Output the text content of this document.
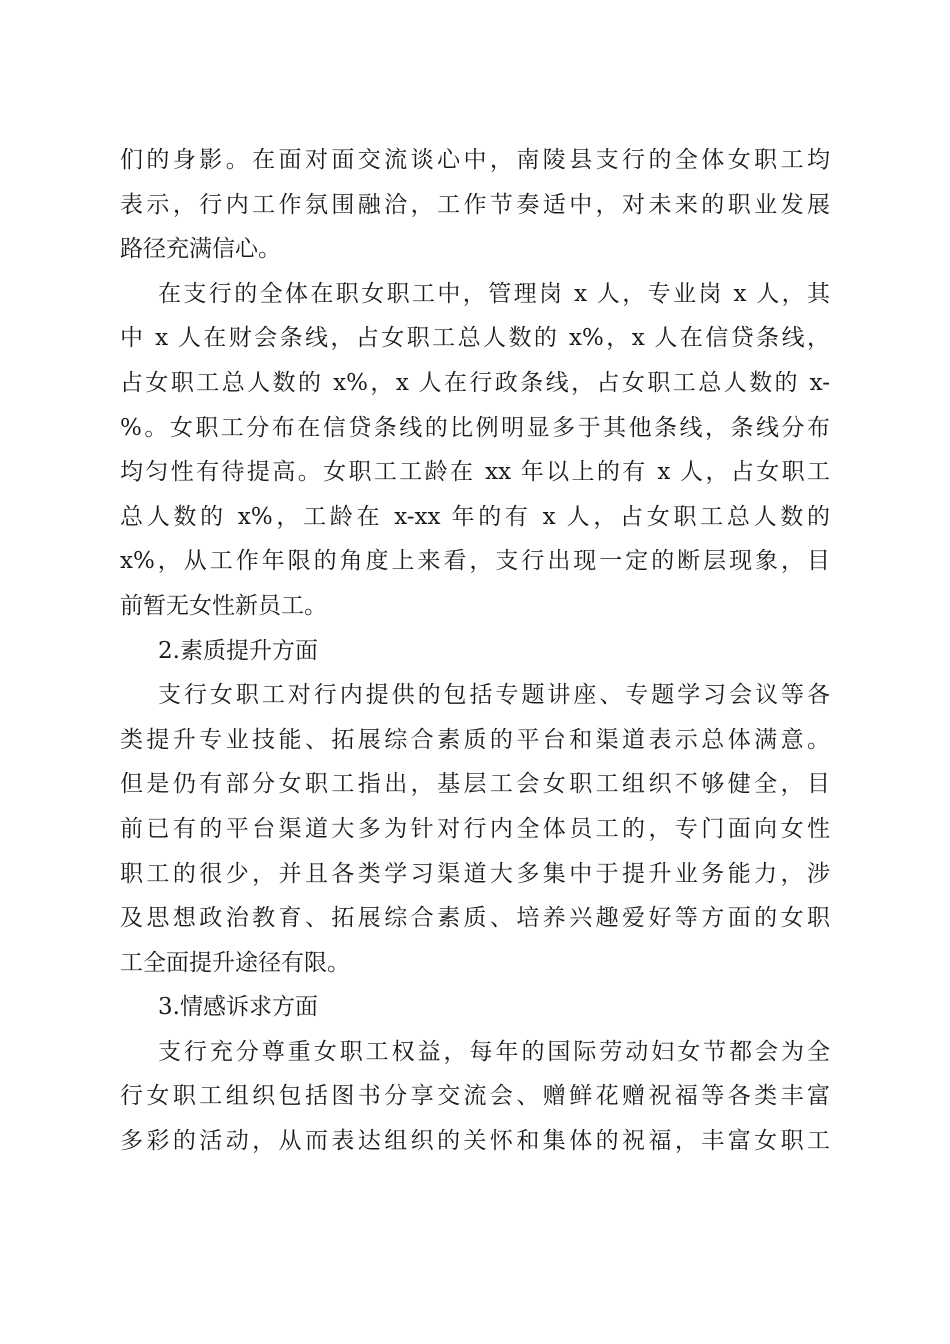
们的身影。在面对面交流谈心中，南陵县支行的全体女职工均
表示，行内工作氛围融洽，工作节奏适中，对未来的职业发展
路径充满信心。
在支行的全体在职女职工中，管理岗 x 人，专业岗 x 人，其
中 x 人在财会条线，占女职工总人数的 x%，x 人在信贷条线，
占女职工总人数的 x%，x 人在行政条线，占女职工总人数的 x-
%。女职工分布在信贷条线的比例明显多于其他条线，条线分布
均匀性有待提高。女职工工龄在 xx 年以上的有 x 人，占女职工
总人数的 x%，工龄在 x-xx 年的有 x 人，占女职工总人数的
x%，从工作年限的角度上来看，支行出现一定的断层现象，目
前暂无女性新员工。
2.素质提升方面
支行女职工对行内提供的包括专题讲座、专题学习会议等各
类提升专业技能、拓展综合素质的平台和渠道表示总体满意。
但是仍有部分女职工指出，基层工会女职工组织不够健全，目
前已有的平台渠道大多为针对行内全体员工的，专门面向女性
职工的很少，并且各类学习渠道大多集中于提升业务能力，涉
及思想政治教育、拓展综合素质、培养兴趣爱好等方面的女职
工全面提升途径有限。
3.情感诉求方面
支行充分尊重女职工权益，每年的国际劳动妇女节都会为全
行女职工组织包括图书分享交流会、赠鲜花赠祝福等各类丰富
多彩的活动，从而表达组织的关怀和集体的祝福，丰富女职工
